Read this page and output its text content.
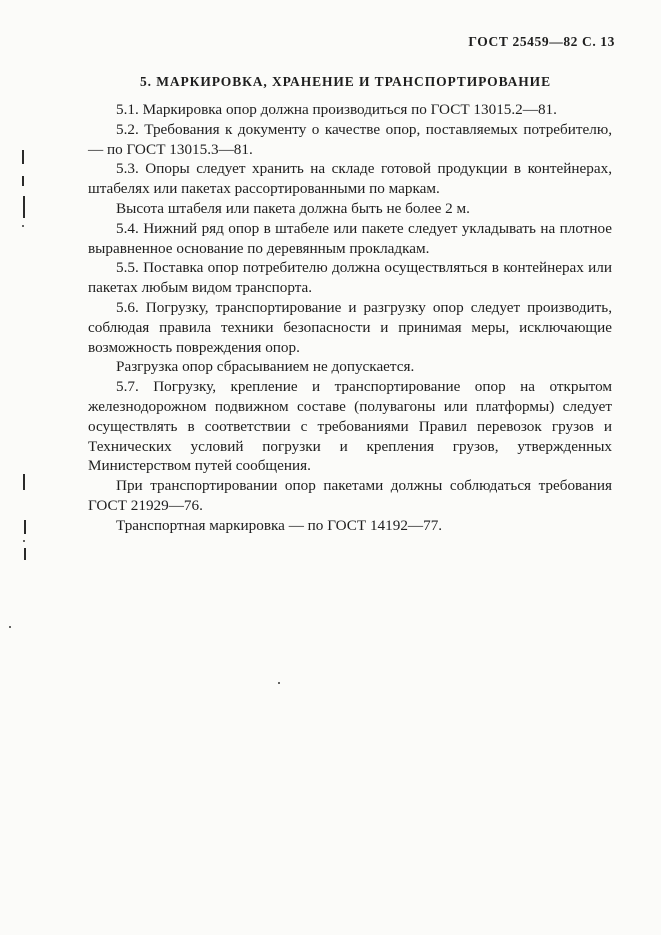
ГОСТ 25459—82 С. 13
5. МАРКИРОВКА, ХРАНЕНИЕ И ТРАНСПОРТИРОВАНИЕ

5.1. Маркировка опор должна производиться по ГОСТ 13015.2—81.

5.2. Требования к документу о качестве опор, поставляемых потребителю, — по ГОСТ 13015.3—81.

5.3. Опоры следует хранить на складе готовой продукции в контейнерах, штабелях или пакетах рассортированными по маркам.

Высота штабеля или пакета должна быть не более 2 м.

5.4. Нижний ряд опор в штабеле или пакете следует укладывать на плотное выравненное основание по деревянным прокладкам.

5.5. Поставка опор потребителю должна осуществляться в контейнерах или пакетах любым видом транспорта.

5.6. Погрузку, транспортирование и разгрузку опор следует производить, соблюдая правила техники безопасности и принимая меры, исключающие возможность повреждения опор.

Разгрузка опор сбрасыванием не допускается.

5.7. Погрузку, крепление и транспортирование опор на открытом железнодорожном подвижном составе (полувагоны или платформы) следует осуществлять в соответствии с требованиями Правил перевозок грузов и Технических условий погрузки и крепления грузов, утвержденных Министерством путей сообщения.

При транспортировании опор пакетами должны соблюдаться требования ГОСТ 21929—76.

Транспортная маркировка — по ГОСТ 14192—77.
